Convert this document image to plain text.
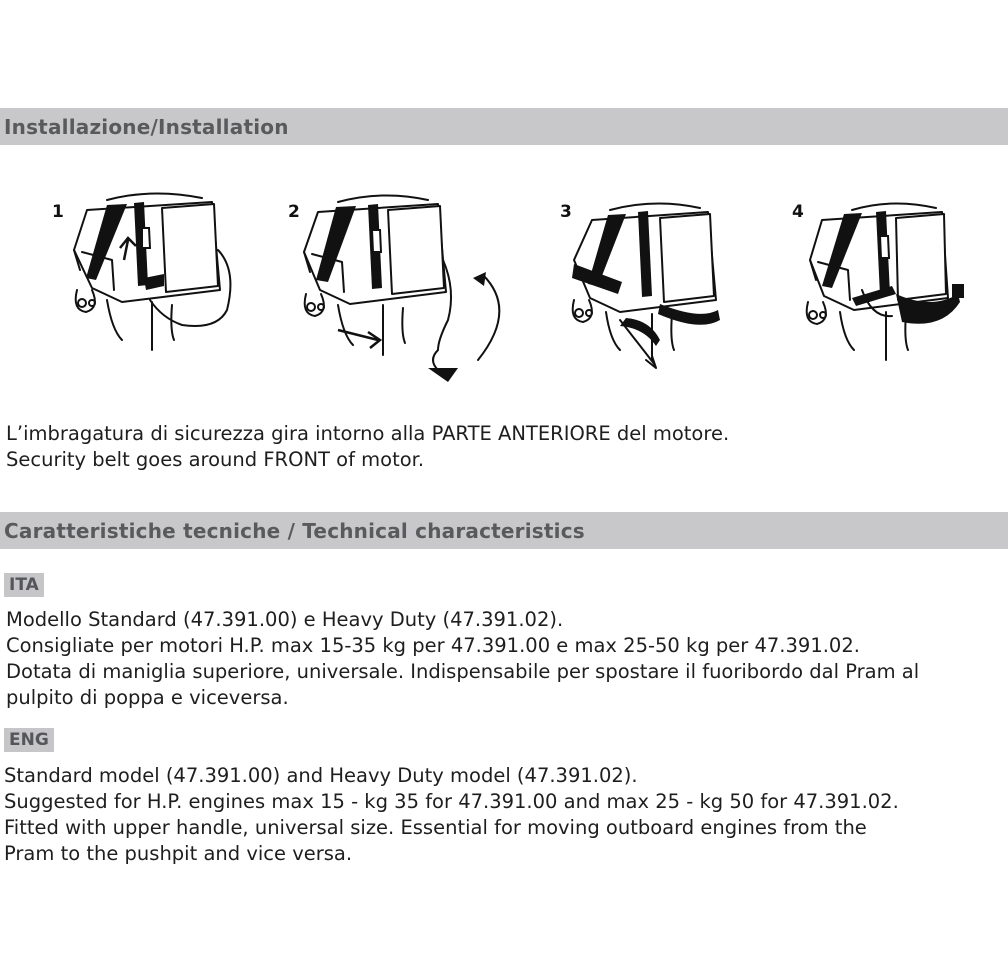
Installazione/Installation
1	2	3	4

L’imbragatura di sicurezza gira intorno alla PARTE ANTERIORE del motore.

Security belt goes around FRONT of motor.

Caratteristiche tecniche / Technical characteristics
ITA

Modello Standard (47.391.00) e Heavy Duty (47.391.02).

Consigliate per motori H.P. max 15-35 kg per 47.391.00 e max 25-50 kg per 47.391.02.

Dotata di maniglia superiore, universale. Indispensabile per spostare il fuoribordo dal Pram al

pulpito di poppa e viceversa.

ENG

Standard model (47.391.00) and Heavy Duty model (47.391.02).

Suggested for H.P. engines max 15 - kg 35 for 47.391.00 and max 25 - kg 50 for 47.391.02.

Fitted with upper handle, universal size. Essential for moving outboard engines from the

Pram to the pushpit and vice versa.
